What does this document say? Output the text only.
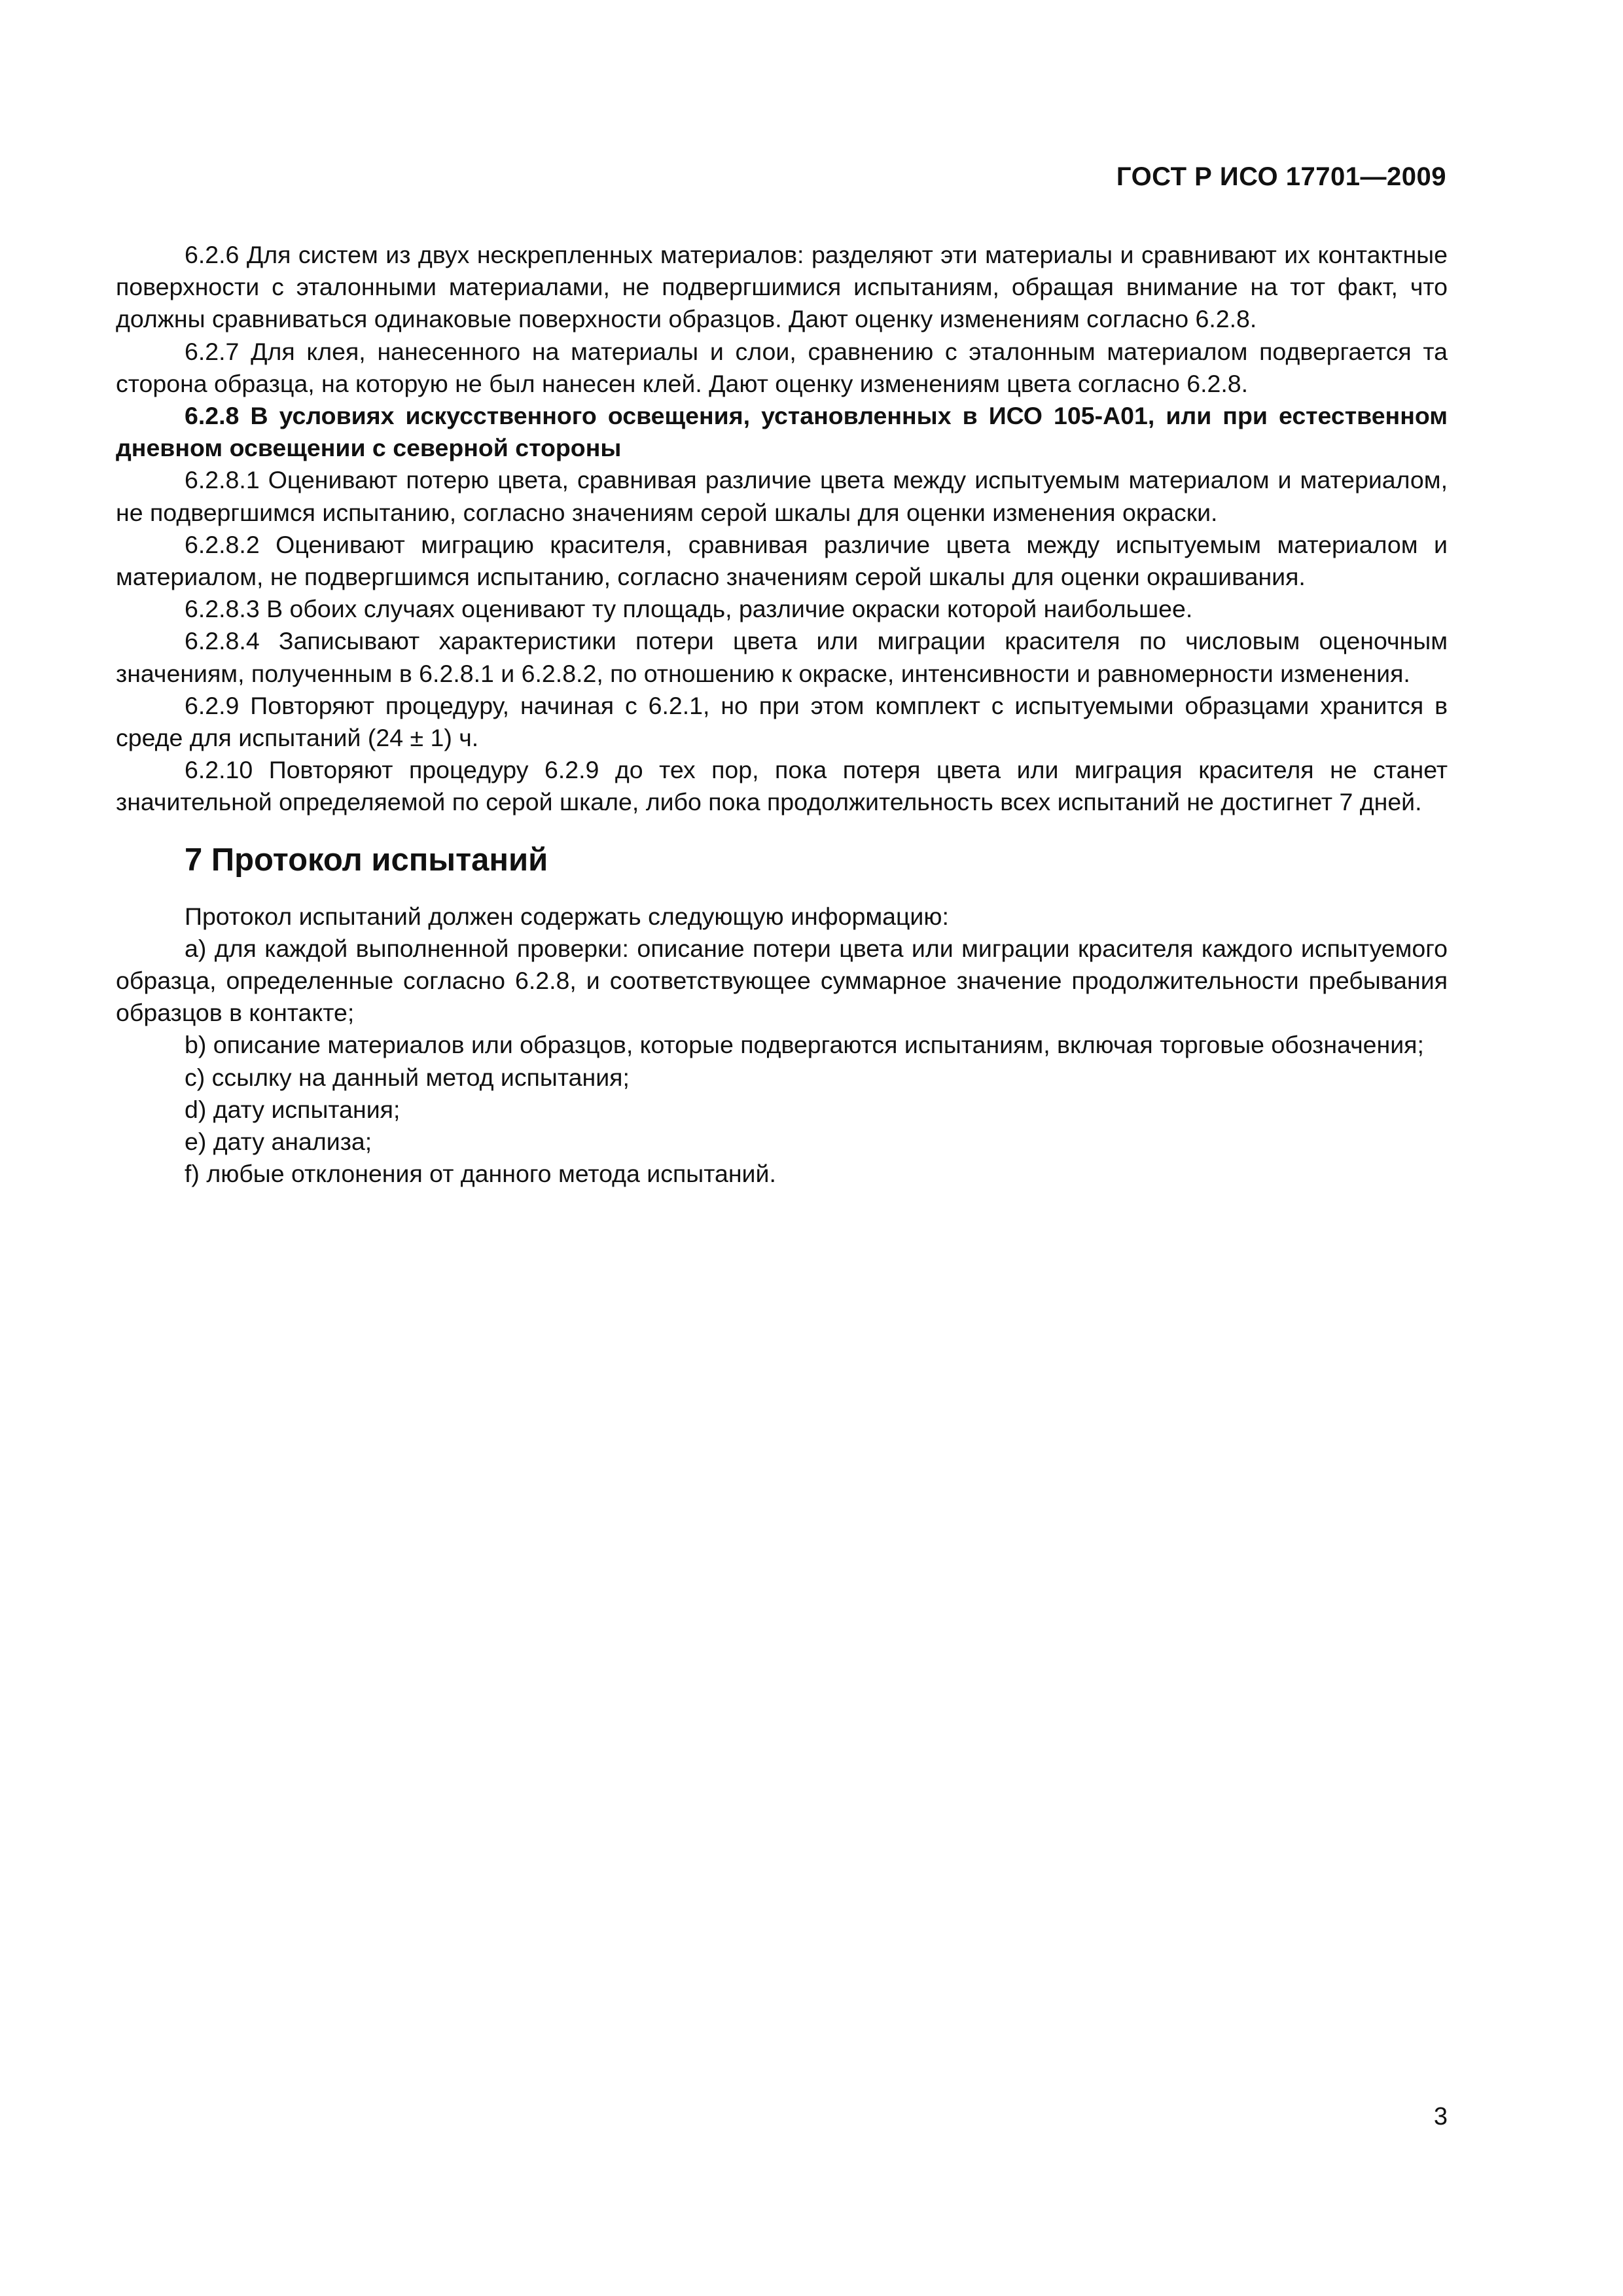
ГОСТ Р ИСО 17701—2009

6.2.6 Для систем из двух нескрепленных материалов: разделяют эти материалы и сравнивают их контактные поверхности с эталонными материалами, не подвергшимися испытаниям, обращая внимание на тот факт, что должны сравниваться одинаковые поверхности образцов. Дают оценку изменениям согласно 6.2.8.

6.2.7 Для клея, нанесенного на материалы и слои, сравнению с эталонным материалом подвергается та сторона образца, на которую не был нанесен клей. Дают оценку изменениям цвета согласно 6.2.8.

6.2.8 В условиях искусственного освещения, установленных в ИСО 105-А01, или при естественном дневном освещении с северной стороны

6.2.8.1 Оценивают потерю цвета, сравнивая различие цвета между испытуемым материалом и материалом, не подвергшимся испытанию, согласно значениям серой шкалы для оценки изменения окраски.

6.2.8.2 Оценивают миграцию красителя, сравнивая различие цвета между испытуемым материалом и материалом, не подвергшимся испытанию, согласно значениям серой шкалы для оценки окрашивания.

6.2.8.3 В обоих случаях оценивают ту площадь, различие окраски которой наибольшее.

6.2.8.4 Записывают характеристики потери цвета или миграции красителя по числовым оценочным значениям, полученным в 6.2.8.1 и 6.2.8.2, по отношению к окраске, интенсивности и равномерности изменения.

6.2.9 Повторяют процедуру, начиная с 6.2.1, но при этом комплект с испытуемыми образцами хранится в среде для испытаний (24 ± 1) ч.

6.2.10 Повторяют процедуру 6.2.9 до тех пор, пока потеря цвета или миграция красителя не станет значительной определяемой по серой шкале, либо пока продолжительность всех испытаний не достигнет 7 дней.

7 Протокол испытаний

Протокол испытаний должен содержать следующую информацию:

a) для каждой выполненной проверки: описание потери цвета или миграции красителя каждого испытуемого образца, определенные согласно 6.2.8, и соответствующее суммарное значение продолжительности пребывания образцов в контакте;

b) описание материалов или образцов, которые подвергаются испытаниям, включая торговые обозначения;

c) ссылку на данный метод испытания;

d) дату испытания;

e) дату анализа;

f) любые отклонения от данного метода испытаний.

3
